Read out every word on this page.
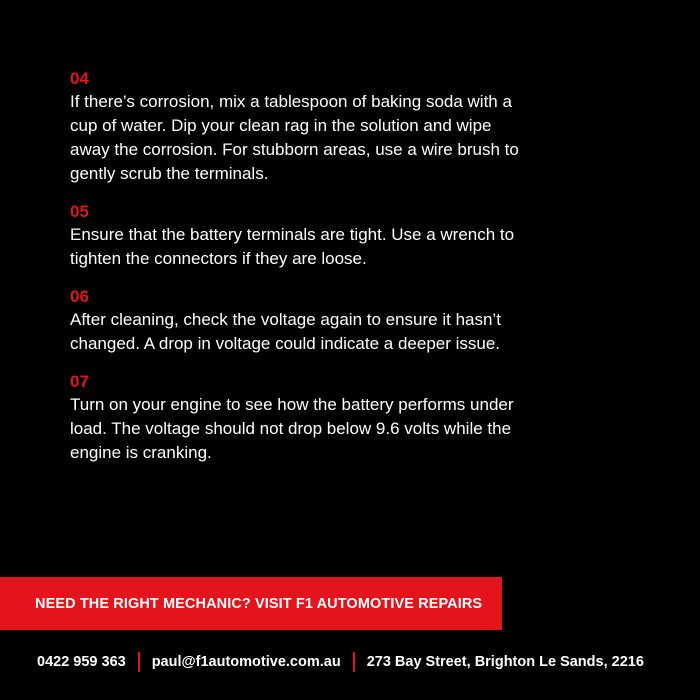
04

If there’s corrosion, mix a tablespoon of baking soda with a cup of water. Dip your clean rag in the solution and wipe away the corrosion. For stubborn areas, use a wire brush to gently scrub the terminals.

05

Ensure that the battery terminals are tight. Use a wrench to tighten the connectors if they are loose.

06

After cleaning, check the voltage again to ensure it hasn’t changed. A drop in voltage could indicate a deeper issue.

07

Turn on your engine to see how the battery performs under load. The voltage should not drop below 9.6 volts while the engine is cranking.

NEED THE RIGHT MECHANIC? VISIT F1 AUTOMOTIVE REPAIRS
0422 959 363 paul@f1automotive.com.au 273 Bay Street, Brighton Le Sands, 2216
